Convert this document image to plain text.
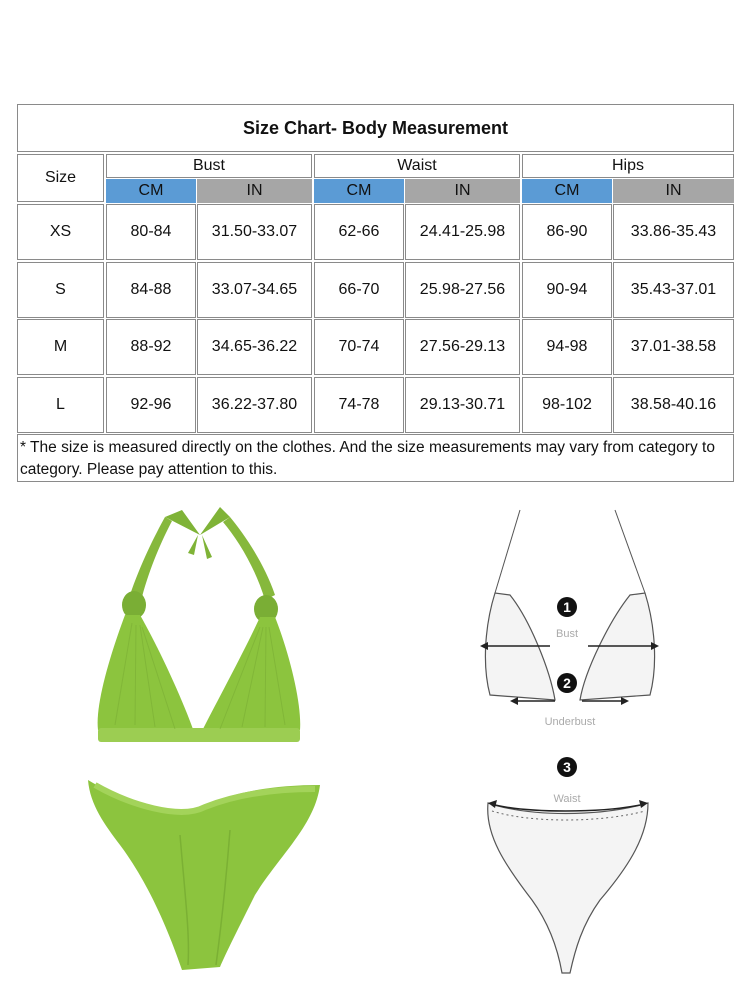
Size Chart- Body Measurement
Size
Bust	Waist	Hips
CM	IN	CM	IN	CM	IN
XS	80-84	31.50-33.07	62-66	24.41-25.98	86-90	33.86-35.43
S	84-88	33.07-34.65	66-70	25.98-27.56	90-94	35.43-37.01
M	88-92	34.65-36.22	70-74	27.56-29.13	94-98	37.01-38.58
L	92-96	36.22-37.80	74-78	29.13-30.71	98-102	38.58-40.16
* The size is measured directly on the clothes. And the size measurements may vary from category to category. Please pay attention to this.
1
Bust
2
Underbust
3
Waist
